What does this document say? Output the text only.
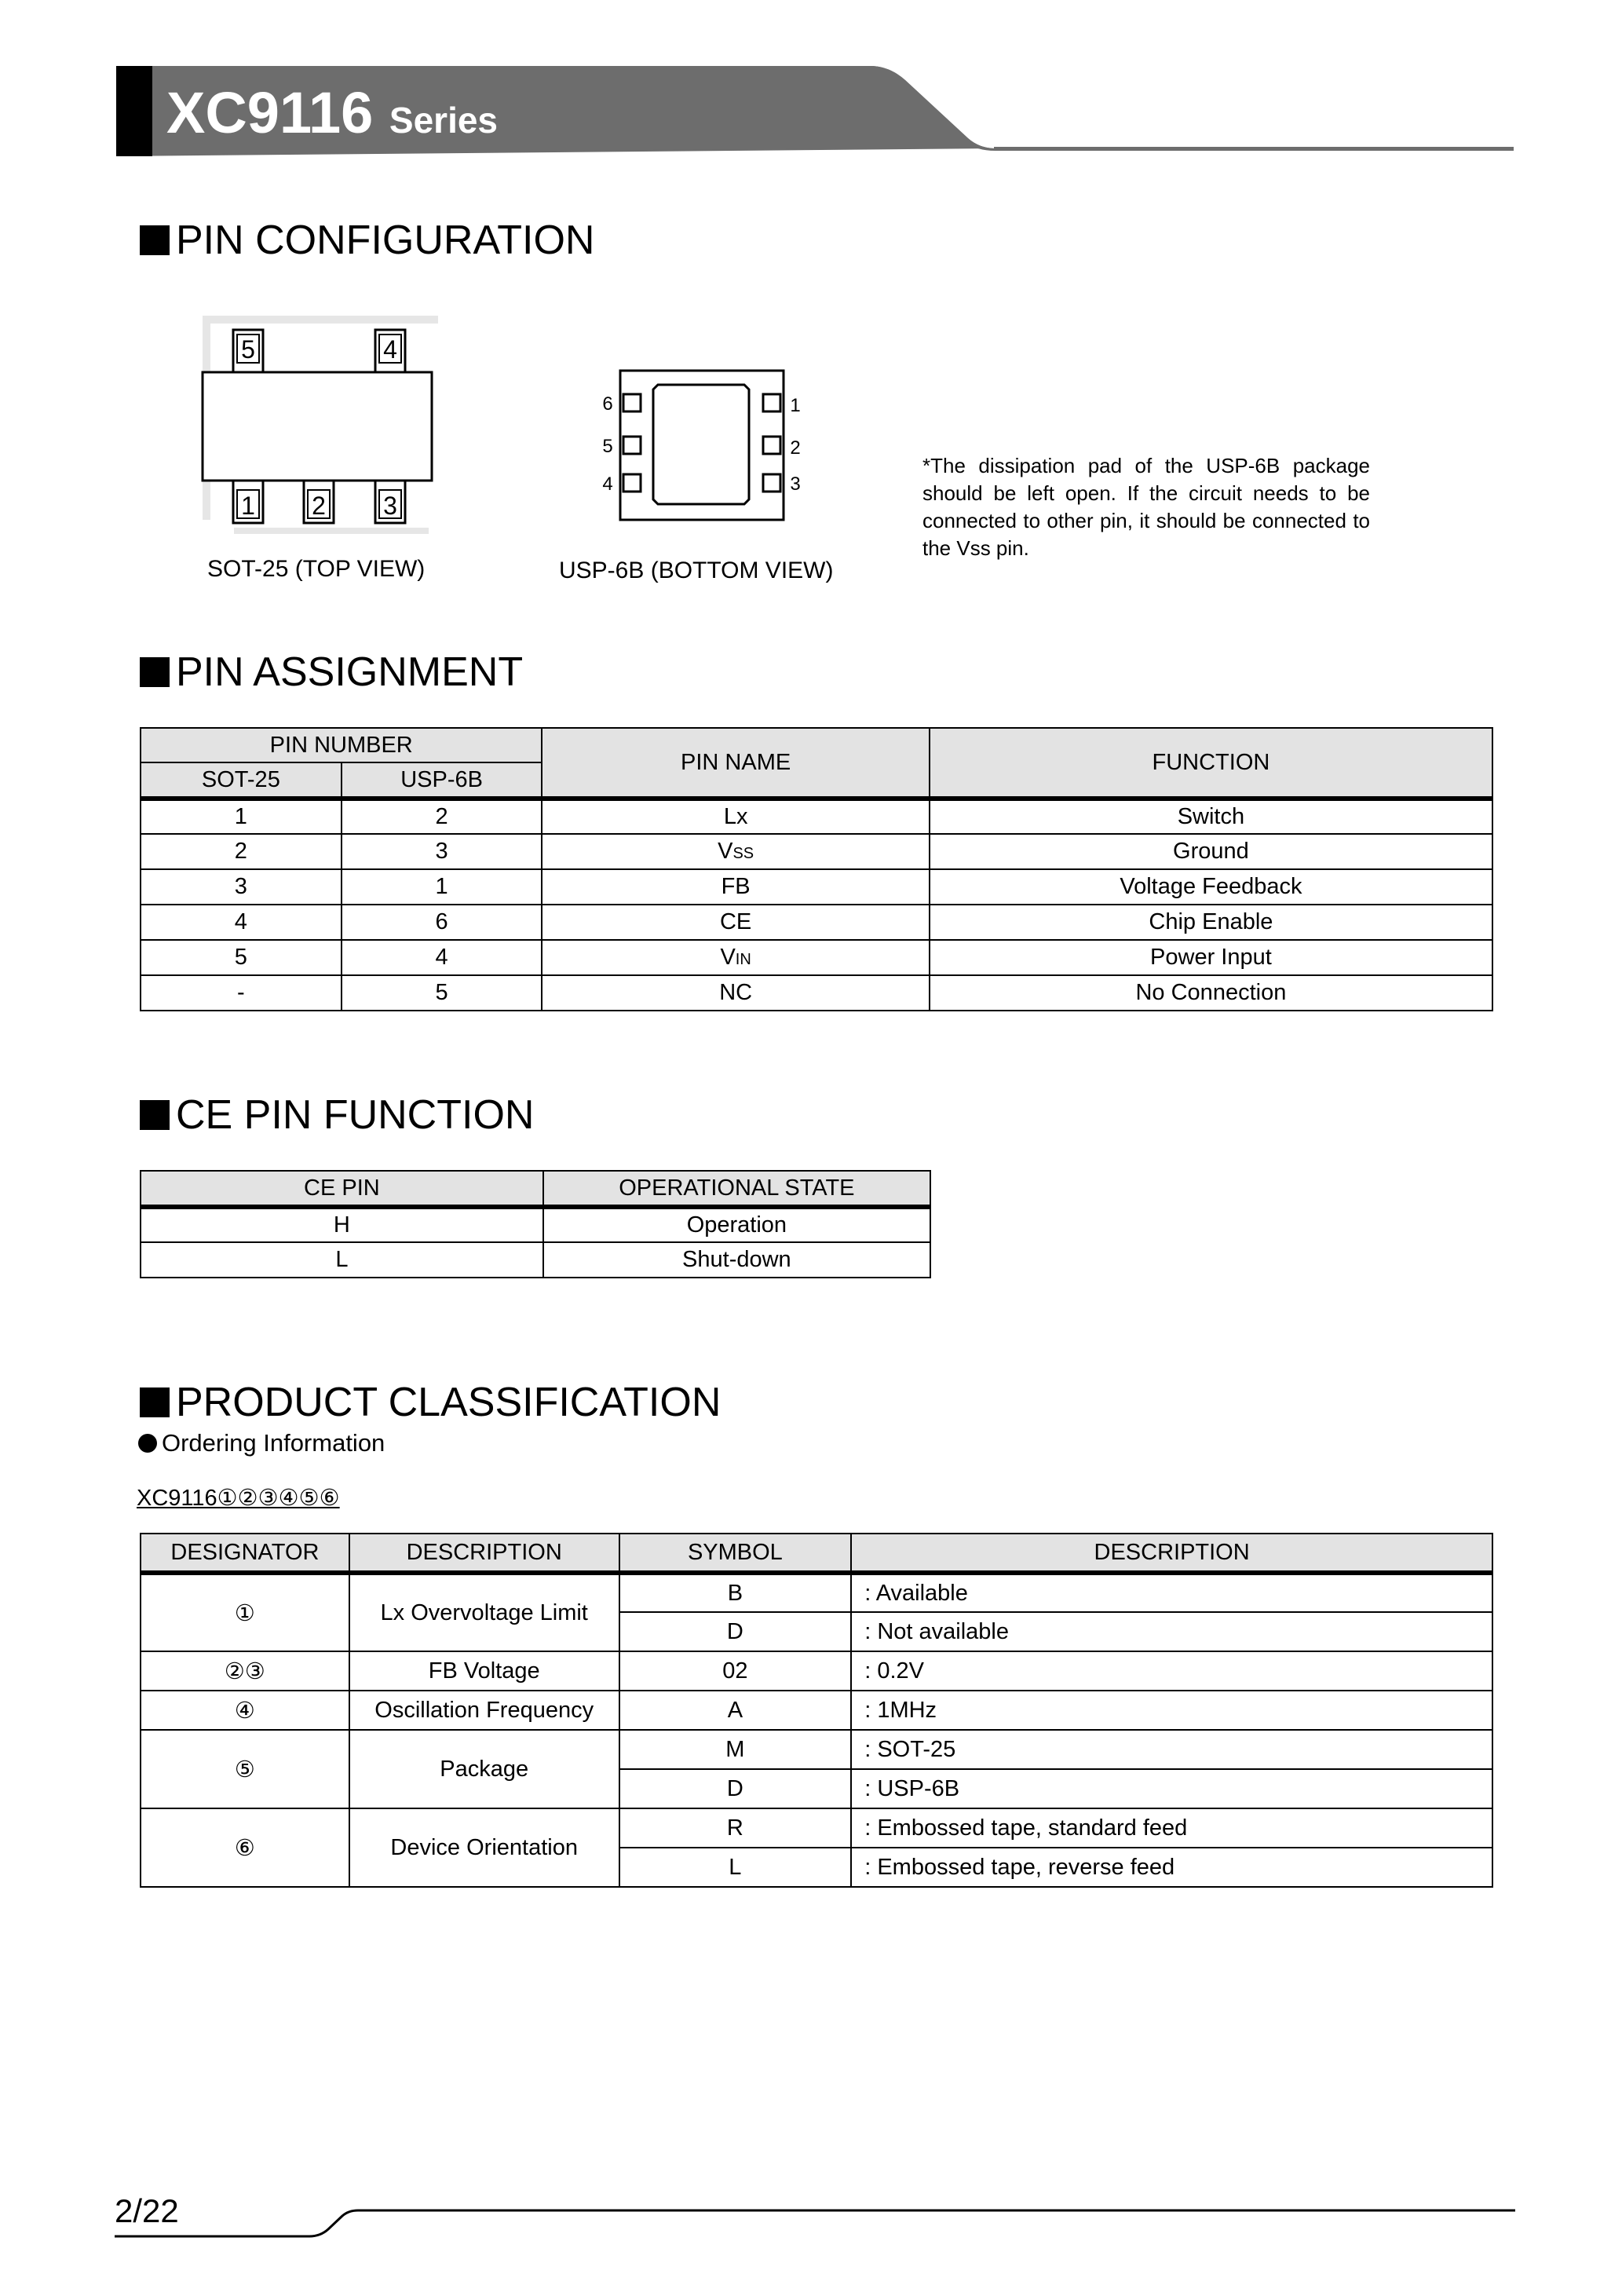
XC9116 Series
PIN CONFIGURATION
5	4
1 2 3
SOT-25 (TOP VIEW)
6
5
4
1
2
3
USP-6B (BOTTOM VIEW)
*The dissipation pad of the USP-6B package should be left open. If the circuit needs to be connected to other pin, it should be connected to the Vss pin.
PIN ASSIGNMENT
PIN NUMBER		PIN NAME	FUNCTION
SOT-25	USP-6B		
1	2	Lx	Switch
2	3	VSS	Ground
3	1	FB	Voltage Feedback
4	6	CE	Chip Enable
5	4	VIN	Power Input
-	5	NC	No Connection
CE PIN FUNCTION
CE PIN	OPERATIONAL STATE
H	Operation
L	Shut-down
PRODUCT CLASSIFICATION
Ordering Information
XC9116①②③④⑤⑥
DESIGNATOR	DESCRIPTION	SYMBOL	DESCRIPTION
①	Lx Overvoltage Limit	B	: Available
		D	: Not available
②③	FB Voltage	02	: 0.2V
④	Oscillation Frequency	A	: 1MHz
⑤	Package	M	: SOT-25
		D	: USP-6B
⑥	Device Orientation	R	: Embossed tape, standard feed
		L	: Embossed tape, reverse feed
2/22
